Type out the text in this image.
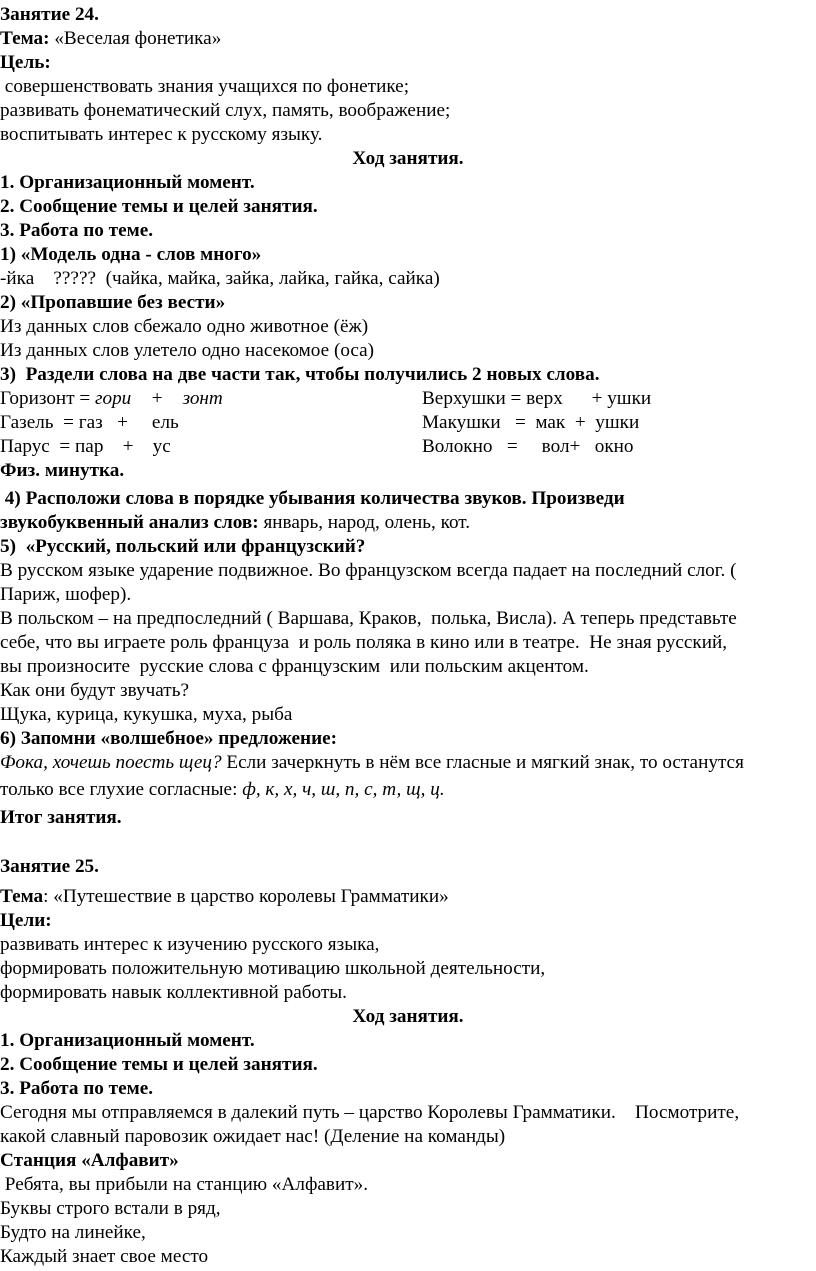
Занятие 24.
Тема: «Веселая фонетика»
Цель:
совершенствовать знания учащихся по фонетике;
развивать фонематический слух, память, воображение;
воспитывать интерес к русскому языку.
Ход занятия.
1. Организационный момент.
2. Сообщение темы и целей занятия.
3. Работа по теме.
1) «Модель одна - слов много»
-йка    ?????  (чайка, майка, зайка, лайка, гайка, сайка)
2) «Пропавшие без вести»
Из данных слов сбежало одно животное (ёж)
Из данных слов улетело одно насекомое (оса)
3)  Раздели слова на две части так, чтобы получились 2 новых слова.
Горизонт = гори    +    зонт	Верхушки = верх      + ушки
Газель  = газ   +     ель	Макушки   =  мак  +  ушки
Парус  = пар    +    ус	Волокно   =     вол+   окно
Физ. минутка.
4) Расположи слова в порядке убывания количества звуков. Произведи
звукобуквенный анализ слов: январь, народ, олень, кот.
5)  «Русский, польский или французский?
В русском языке ударение подвижное. Во французском всегда падает на последний слог. (
Париж, шофер).
В польском – на предпоследний ( Варшава, Краков,  полька, Висла). А теперь представьте
себе, что вы играете роль француза  и роль поляка в кино или в театре.  Не зная русский,
вы произносите  русские слова с французским  или польским акцентом.
Как они будут звучать?
Щука, курица, кукушка, муха, рыба
6) Запомни «волшебное» предложение:
Фока, хочешь поесть щец? Если зачеркнуть в нём все гласные и мягкий знак, то останутся
только все глухие согласные: ф, к, х, ч, ш, п, с, т, щ, ц.
Итог занятия.
Занятие 25.
Тема: «Путешествие в царство королевы Грамматики»
Цели:
развивать интерес к изучению русского языка,
формировать положительную мотивацию школьной деятельности,
формировать навык коллективной работы.
Ход занятия.
1. Организационный момент.
2. Сообщение темы и целей занятия.
3. Работа по теме.
Сегодня мы отправляемся в далекий путь – царство Королевы Грамматики.    Посмотрите,
какой славный паровозик ожидает нас! (Деление на команды)
Станция «Алфавит»
Ребята, вы прибыли на станцию «Алфавит».
Буквы строго встали в ряд,
Будто на линейке,
Каждый знает свое место
